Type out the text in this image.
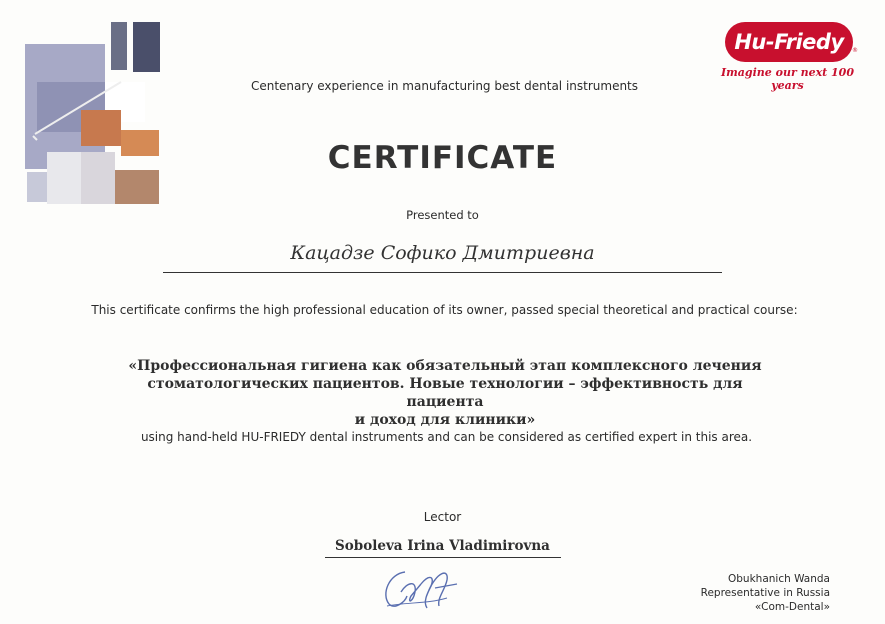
Hu-Friedy ®
Imagine our next 100 years
Centenary experience in manufacturing best dental instruments
CERTIFICATE
Presented to
Кацадзе Софико Дмитриевна
This certificate confirms the high professional education of its owner, passed special theoretical and practical course:
«Профессиональная гигиена как обязательный этап комплексного лечения
стоматологических пациентов. Новые технологии – эффективность для пациента
и доход для клиники»
using hand-held HU-FRIEDY dental instruments and can be considered as certified expert in this area.
Lector
Soboleva Irina Vladimirovna
Obukhanich Wanda
Representative in Russia
«Com-Dental»
